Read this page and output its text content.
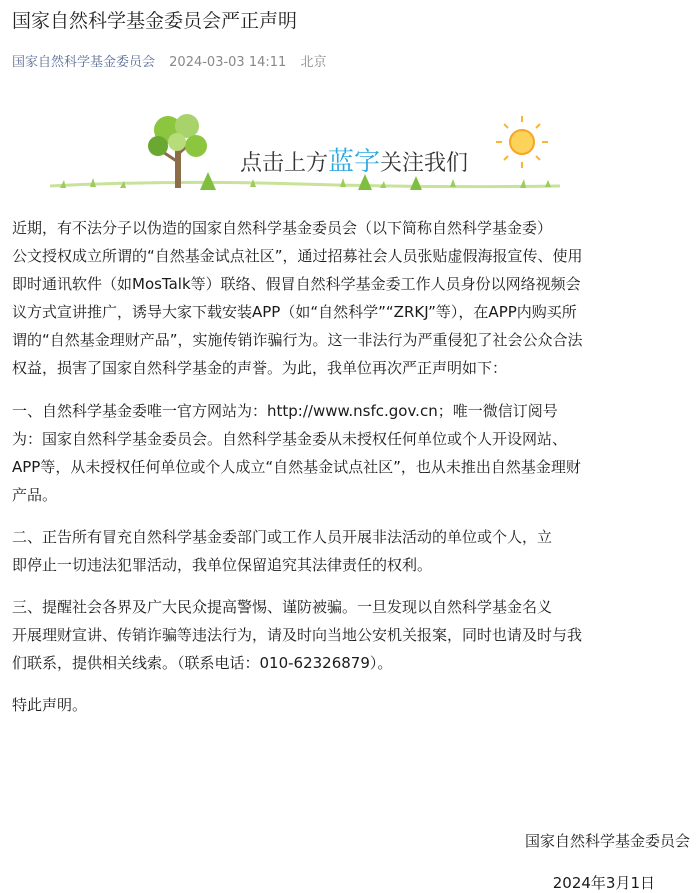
国家自然科学基金委员会严正声明
国家自然科学基金委员会 2024-03-03 14:11 北京
点击上方蓝字关注我们

近期，有不法分子以伪造的国家自然科学基金委员会（以下简称自然科学基金委）
公文授权成立所谓的“自然基金试点社区”，通过招募社会人员张贴虚假海报宣传、使用
即时通讯软件（如MosTalk等）联络、假冒自然科学基金委工作人员身份以网络视频会
议方式宣讲推广，诱导大家下载安装APP（如“自然科学”“ZRKJ”等），在APP内购买所
谓的“自然基金理财产品”，实施传销诈骗行为。这一非法行为严重侵犯了社会公众合法
权益，损害了国家自然科学基金的声誉。为此，我单位再次严正声明如下：

一、自然科学基金委唯一官方网站为：http://www.nsfc.gov.cn；唯一微信订阅号
为：国家自然科学基金委员会。自然科学基金委从未授权任何单位或个人开设网站、
APP等，从未授权任何单位或个人成立“自然基金试点社区”，也从未推出自然基金理财
产品。

二、正告所有冒充自然科学基金委部门或工作人员开展非法活动的单位或个人，立
即停止一切违法犯罪活动，我单位保留追究其法律责任的权利。

三、提醒社会各界及广大民众提高警惕、谨防被骗。一旦发现以自然科学基金名义
开展理财宣讲、传销诈骗等违法行为，请及时向当地公安机关报案，同时也请及时与我
们联系，提供相关线索。（联系电话：010-62326879）。

特此声明。

国家自然科学基金委员会
2024年3月1日
